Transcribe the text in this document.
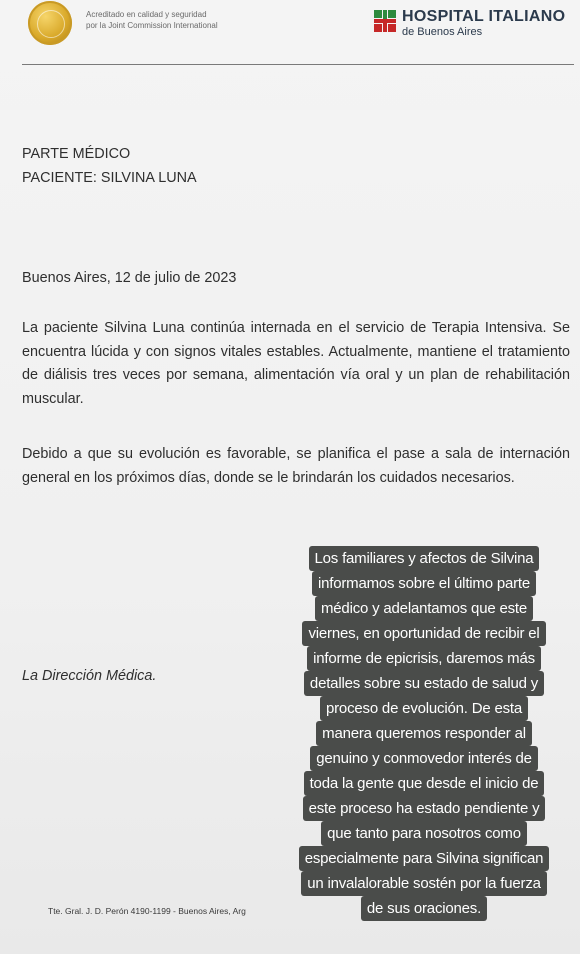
Acreditado en calidad y seguridad
por la Joint Commission International
HOSPITAL ITALIANO
de Buenos Aires
PARTE MÉDICO
PACIENTE: SILVINA LUNA
Buenos Aires, 12 de julio de 2023
La paciente Silvina Luna continúa internada en el servicio de Terapia Intensiva. Se encuentra lúcida y con signos vitales estables. Actualmente, mantiene el tratamiento de diálisis tres veces por semana, alimentación vía oral y un plan de rehabilitación muscular.
Debido a que su evolución es favorable, se planifica el pase a sala de internación general en los próximos días, donde se le brindarán los cuidados necesarios.
La Dirección Médica.
Tte. Gral. J. D. Perón 4190-1199 - Buenos Aires, Arg
Los familiares y afectos de Silvina
informamos sobre el último parte
médico y adelantamos que este
viernes, en oportunidad de recibir el
informe de epicrisis, daremos más
detalles sobre su estado de salud y
proceso de evolución. De esta
manera queremos responder al
genuino y conmovedor interés de
toda la gente que desde el inicio de
este proceso ha estado pendiente y
que tanto para nosotros como
especialmente para Silvina significan
un invalalorable sostén por la fuerza
de sus oraciones.
